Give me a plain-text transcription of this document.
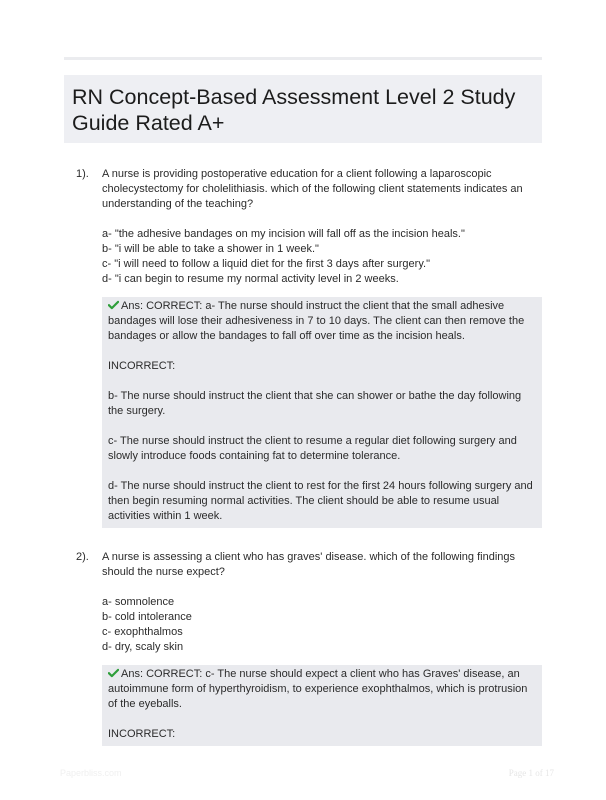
RN Concept-Based Assessment Level 2 Study Guide Rated A+
1). A nurse is providing postoperative education for a client following a laparoscopic cholecystectomy for cholelithiasis. which of the following client statements indicates an understanding of the teaching?

a- "the adhesive bandages on my incision will fall off as the incision heals."
b- "i will be able to take a shower in 1 week."
c- "i will need to follow a liquid diet for the first 3 days after surgery."
d- "i can begin to resume my normal activity level in 2 weeks.

Ans: CORRECT: a- The nurse should instruct the client that the small adhesive bandages will lose their adhesiveness in 7 to 10 days. The client can then remove the bandages or allow the bandages to fall off over time as the incision heals.

INCORRECT:

b- The nurse should instruct the client that she can shower or bathe the day following the surgery.

c- The nurse should instruct the client to resume a regular diet following surgery and slowly introduce foods containing fat to determine tolerance.

d- The nurse should instruct the client to rest for the first 24 hours following surgery and then begin resuming normal activities. The client should be able to resume usual activities within 1 week.

2). A nurse is assessing a client who has graves' disease. which of the following findings should the nurse expect?

a- somnolence
b- cold intolerance
c- exophthalmos
d- dry, scaly skin

Ans: CORRECT: c- The nurse should expect a client who has Graves' disease, an autoimmune form of hyperthyroidism, to experience exophthalmos, which is protrusion of the eyeballs.

INCORRECT:

Paperbliss.com	Page 1 of 17
